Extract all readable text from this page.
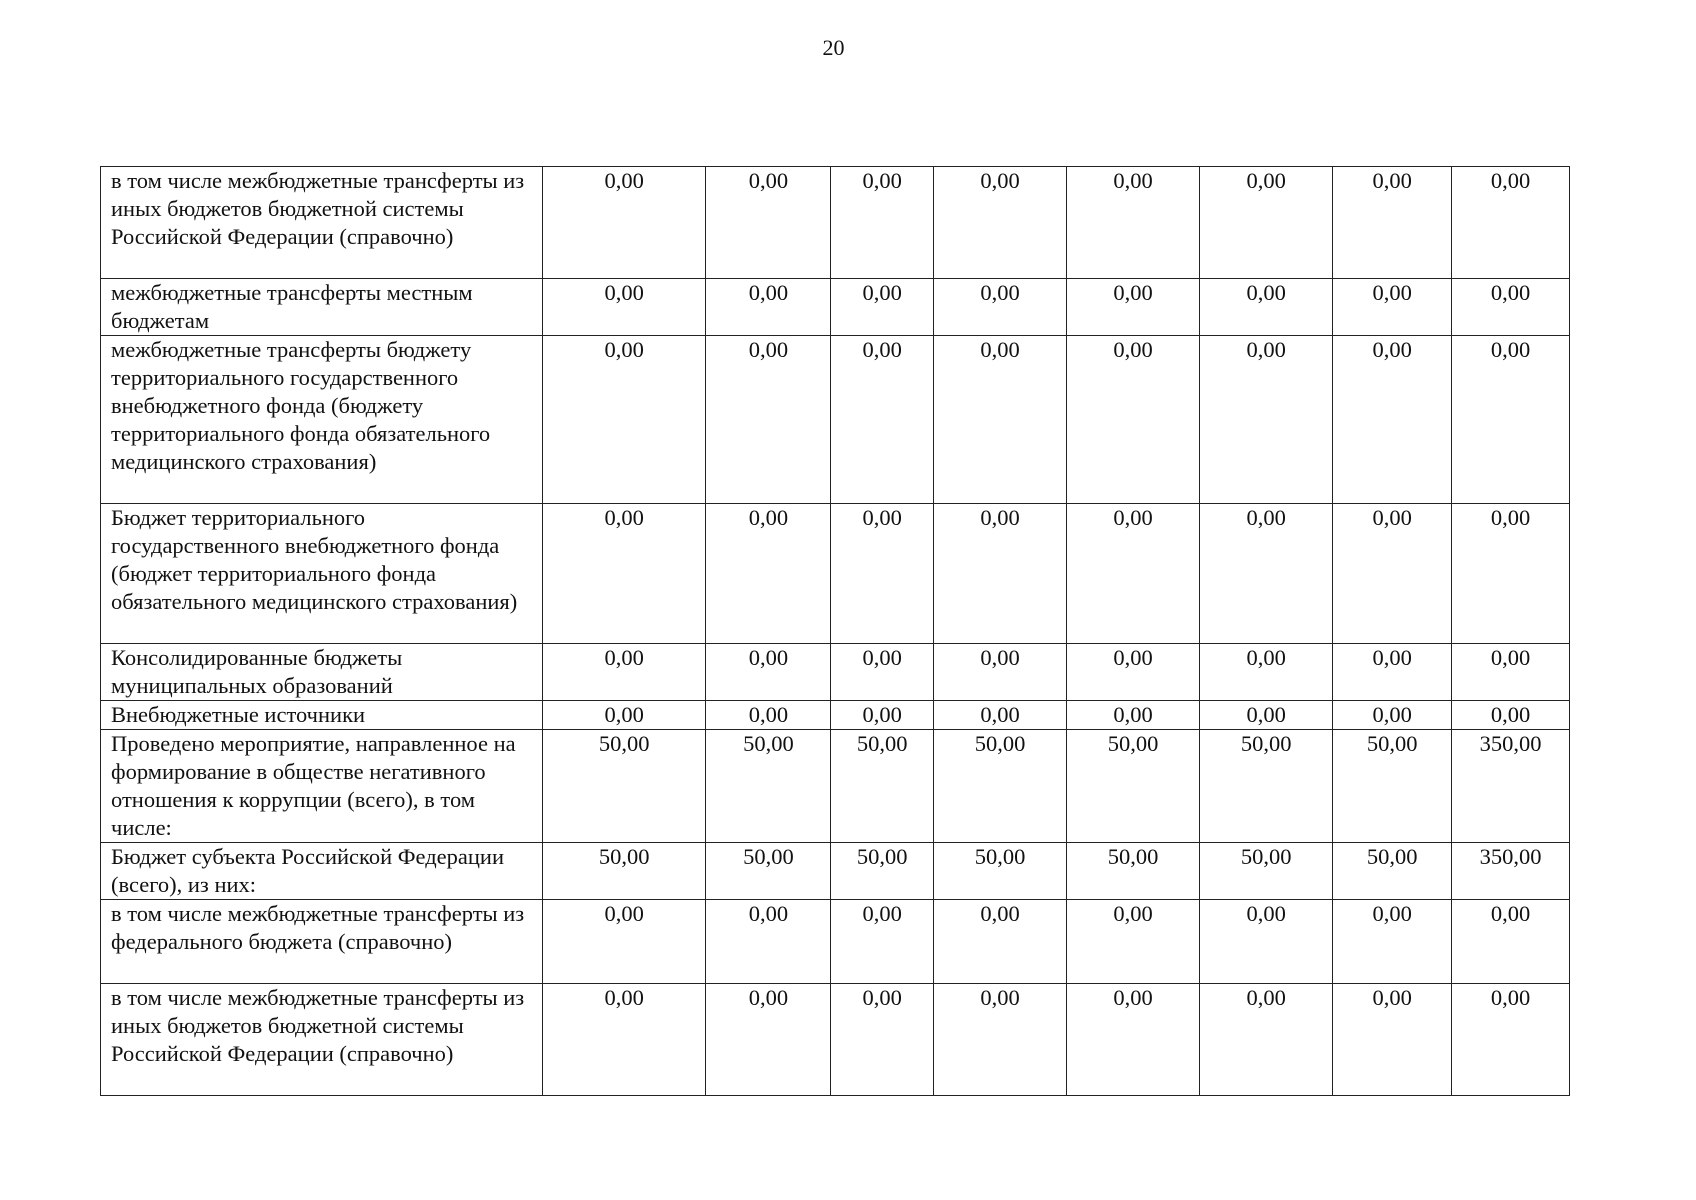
20
в том числе межбюджетные трансферты из иных бюджетов бюджетной системы Российской Федерации (справочно)	0,00	0,00	0,00	0,00	0,00	0,00	0,00	0,00
межбюджетные трансферты местным бюджетам	0,00	0,00	0,00	0,00	0,00	0,00	0,00	0,00
межбюджетные трансферты бюджету территориального государственного внебюджетного фонда (бюджету территориального фонда обязательного медицинского страхования)	0,00	0,00	0,00	0,00	0,00	0,00	0,00	0,00
Бюджет территориального государственного внебюджетного фонда (бюджет территориального фонда обязательного медицинского страхования)	0,00	0,00	0,00	0,00	0,00	0,00	0,00	0,00
Консолидированные бюджеты муниципальных образований	0,00	0,00	0,00	0,00	0,00	0,00	0,00	0,00
Внебюджетные источники	0,00	0,00	0,00	0,00	0,00	0,00	0,00	0,00
Проведено мероприятие, направленное на формирование в обществе негативного отношения к коррупции (всего), в том числе:	50,00	50,00	50,00	50,00	50,00	50,00	50,00	350,00
Бюджет субъекта Российской Федерации (всего), из них:	50,00	50,00	50,00	50,00	50,00	50,00	50,00	350,00
в том числе межбюджетные трансферты из федерального бюджета (справочно)	0,00	0,00	0,00	0,00	0,00	0,00	0,00	0,00
в том числе межбюджетные трансферты из иных бюджетов бюджетной системы Российской Федерации (справочно)	0,00	0,00	0,00	0,00	0,00	0,00	0,00	0,00
